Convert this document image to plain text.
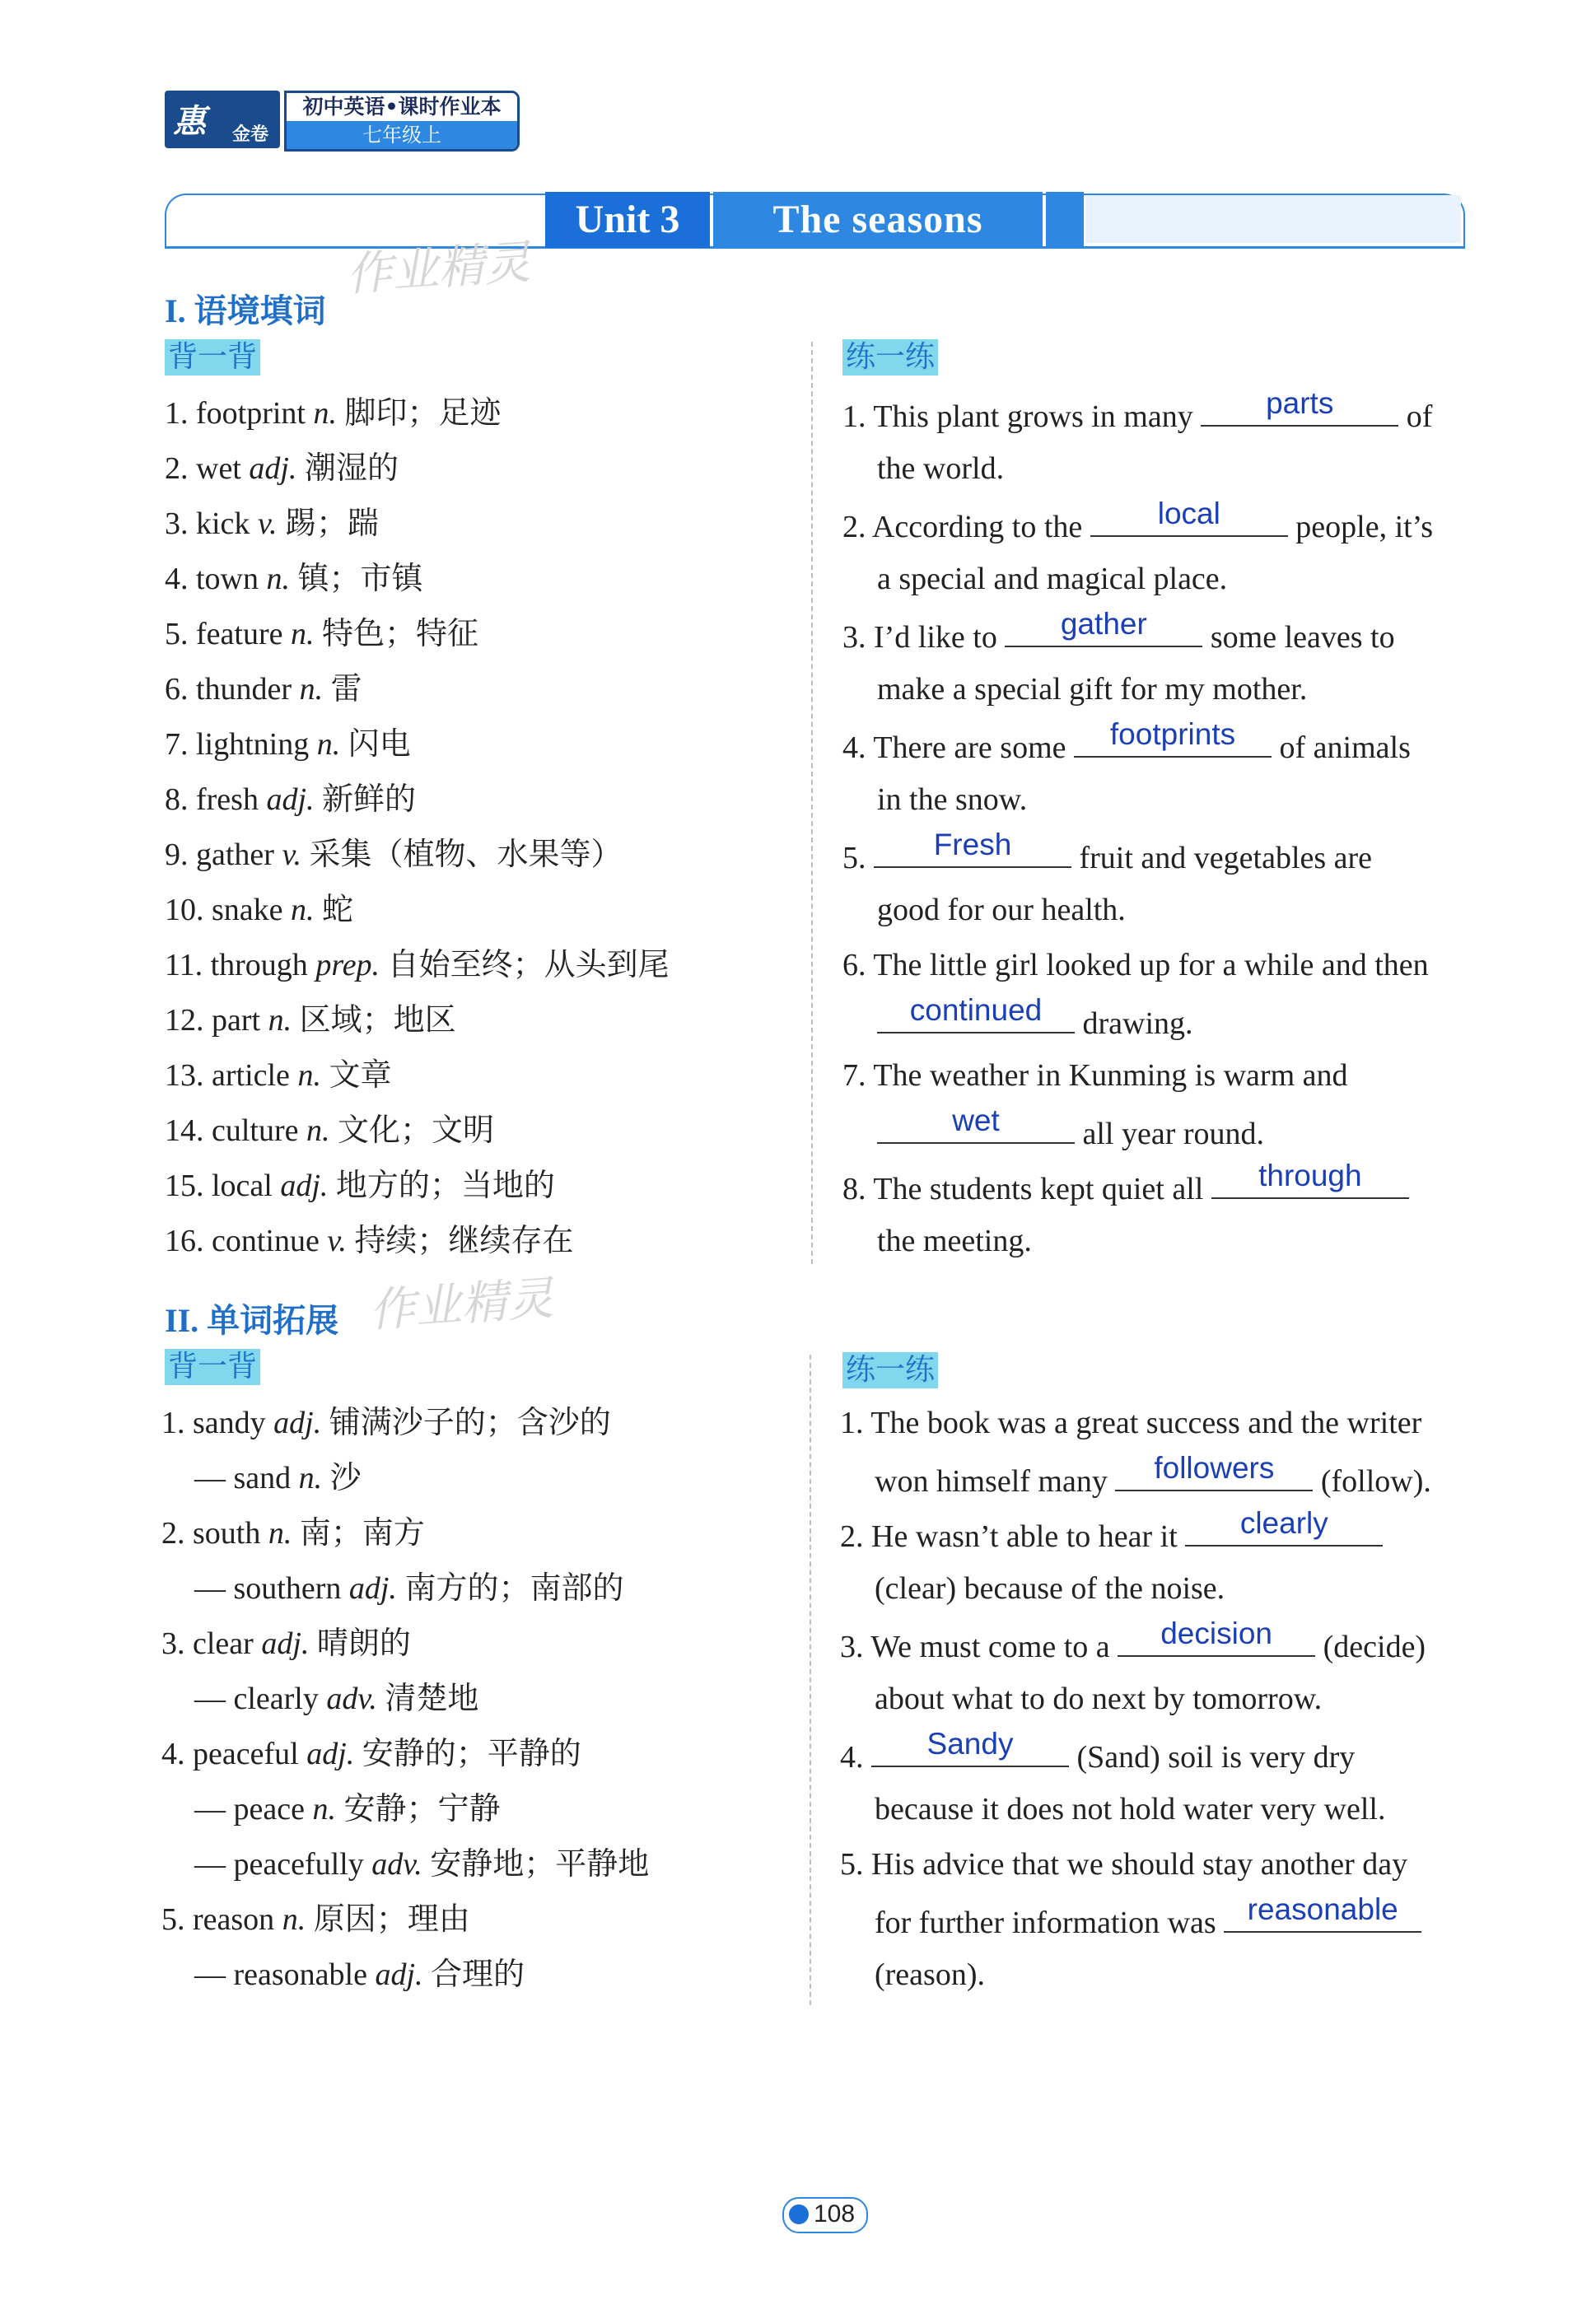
惠 金卷
初中英语•课时作业本
七年级上
Unit 3	The seasons
作业精灵
作业精灵
I. 语境填词
背一背	练一练
1. footprint n. 脚印；足迹
2. wet adj. 潮湿的
3. kick v. 踢；踹
4. town n. 镇；市镇
5. feature n. 特色；特征
6. thunder n. 雷
7. lightning n. 闪电
8. fresh adj. 新鲜的
9. gather v. 采集（植物、水果等）
10. snake n. 蛇
11. through prep. 自始至终；从头到尾
12. part n. 区域；地区
13. article n. 文章
14. culture n. 文化；文明
15. local adj. 地方的；当地的
16. continue v. 持续；继续存在
1. This plant grows in many	parts	of
the world.
2. According to the	local	people, it’s
a special and magical place.
3. I’d like to	gather	some leaves to
make a special gift for my mother.
4. There are some	footprints	of animals
in the snow.
5.	Fresh	fruit and vegetables are
good for our health.
6. The little girl looked up for a while and then
continued	drawing.
7. The weather in Kunming is warm and
wet	all year round.
8. The students kept quiet all	through
the meeting.
II. 单词拓展
背一背	练一练
1. sandy adj. 铺满沙子的；含沙的
— sand n. 沙
2. south n. 南；南方
— southern adj. 南方的；南部的
3. clear adj. 晴朗的
— clearly adv. 清楚地
4. peaceful adj. 安静的；平静的
— peace n. 安静；宁静
— peacefully adv. 安静地；平静地
5. reason n. 原因；理由
— reasonable adj. 合理的
1. The book was a great success and the writer
won himself many	followers	(follow).
2. He wasn’t able to hear it	clearly
(clear) because of the noise.
3. We must come to a	decision	(decide)
about what to do next by tomorrow.
4.	Sandy	(Sand) soil is very dry
because it does not hold water very well.
5. His advice that we should stay another day
for further information was	reasonable
(reason).
108
